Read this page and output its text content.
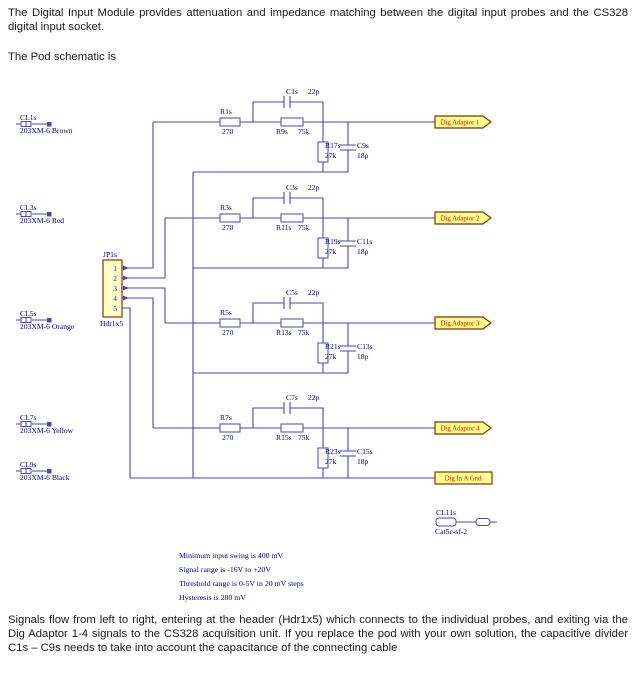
The Digital Input Module provides attenuation and impedance matching between the digital input probes and the CS328 digital input socket.
The Pod schematic is
Signals flow from left to right, entering at the header (Hdr1x5) which connects to the individual probes, and exiting via the Dig Adaptor 1-4 signals to the CS328 acquisition unit. If you replace the pod with your own solution, the capacitive divider C1s – C9s needs to take into account the capacitance of the connecting cable
CL1s
203XM-6 Brown
CL3s
203XM-6 Red
CL5s
203XM-6 Orange
CL7s
203XM-6 Yellow
CL9s
203XM-6 Black
JP1s
1
2
3
4
5
Hdr1x5
R1s
270
C1s 22p
R9s 75k
R17s
27k
C9s
18p
Dig Adaptor 1
R3s
270
C3s 22p
R11s 75k
R19s
27k
C11s
18p
Dig Adaptor 2
R5s
270
C5s 22p
R13s 75k
R21s
27k
C13s
18p
Dig Adaptor 3
R7s
270
C7s 22p
R15s 75k
R23s
27k
C15s
18p
Dig Adaptor 4
Dig In A Gnd
CL11s
Cat5e-sf-2
Minimum input swing is 400 mV
Signal range is -16V to +20V
Threshold range is 0-5V in 20 mV steps
Hysteresis is 280 mV
